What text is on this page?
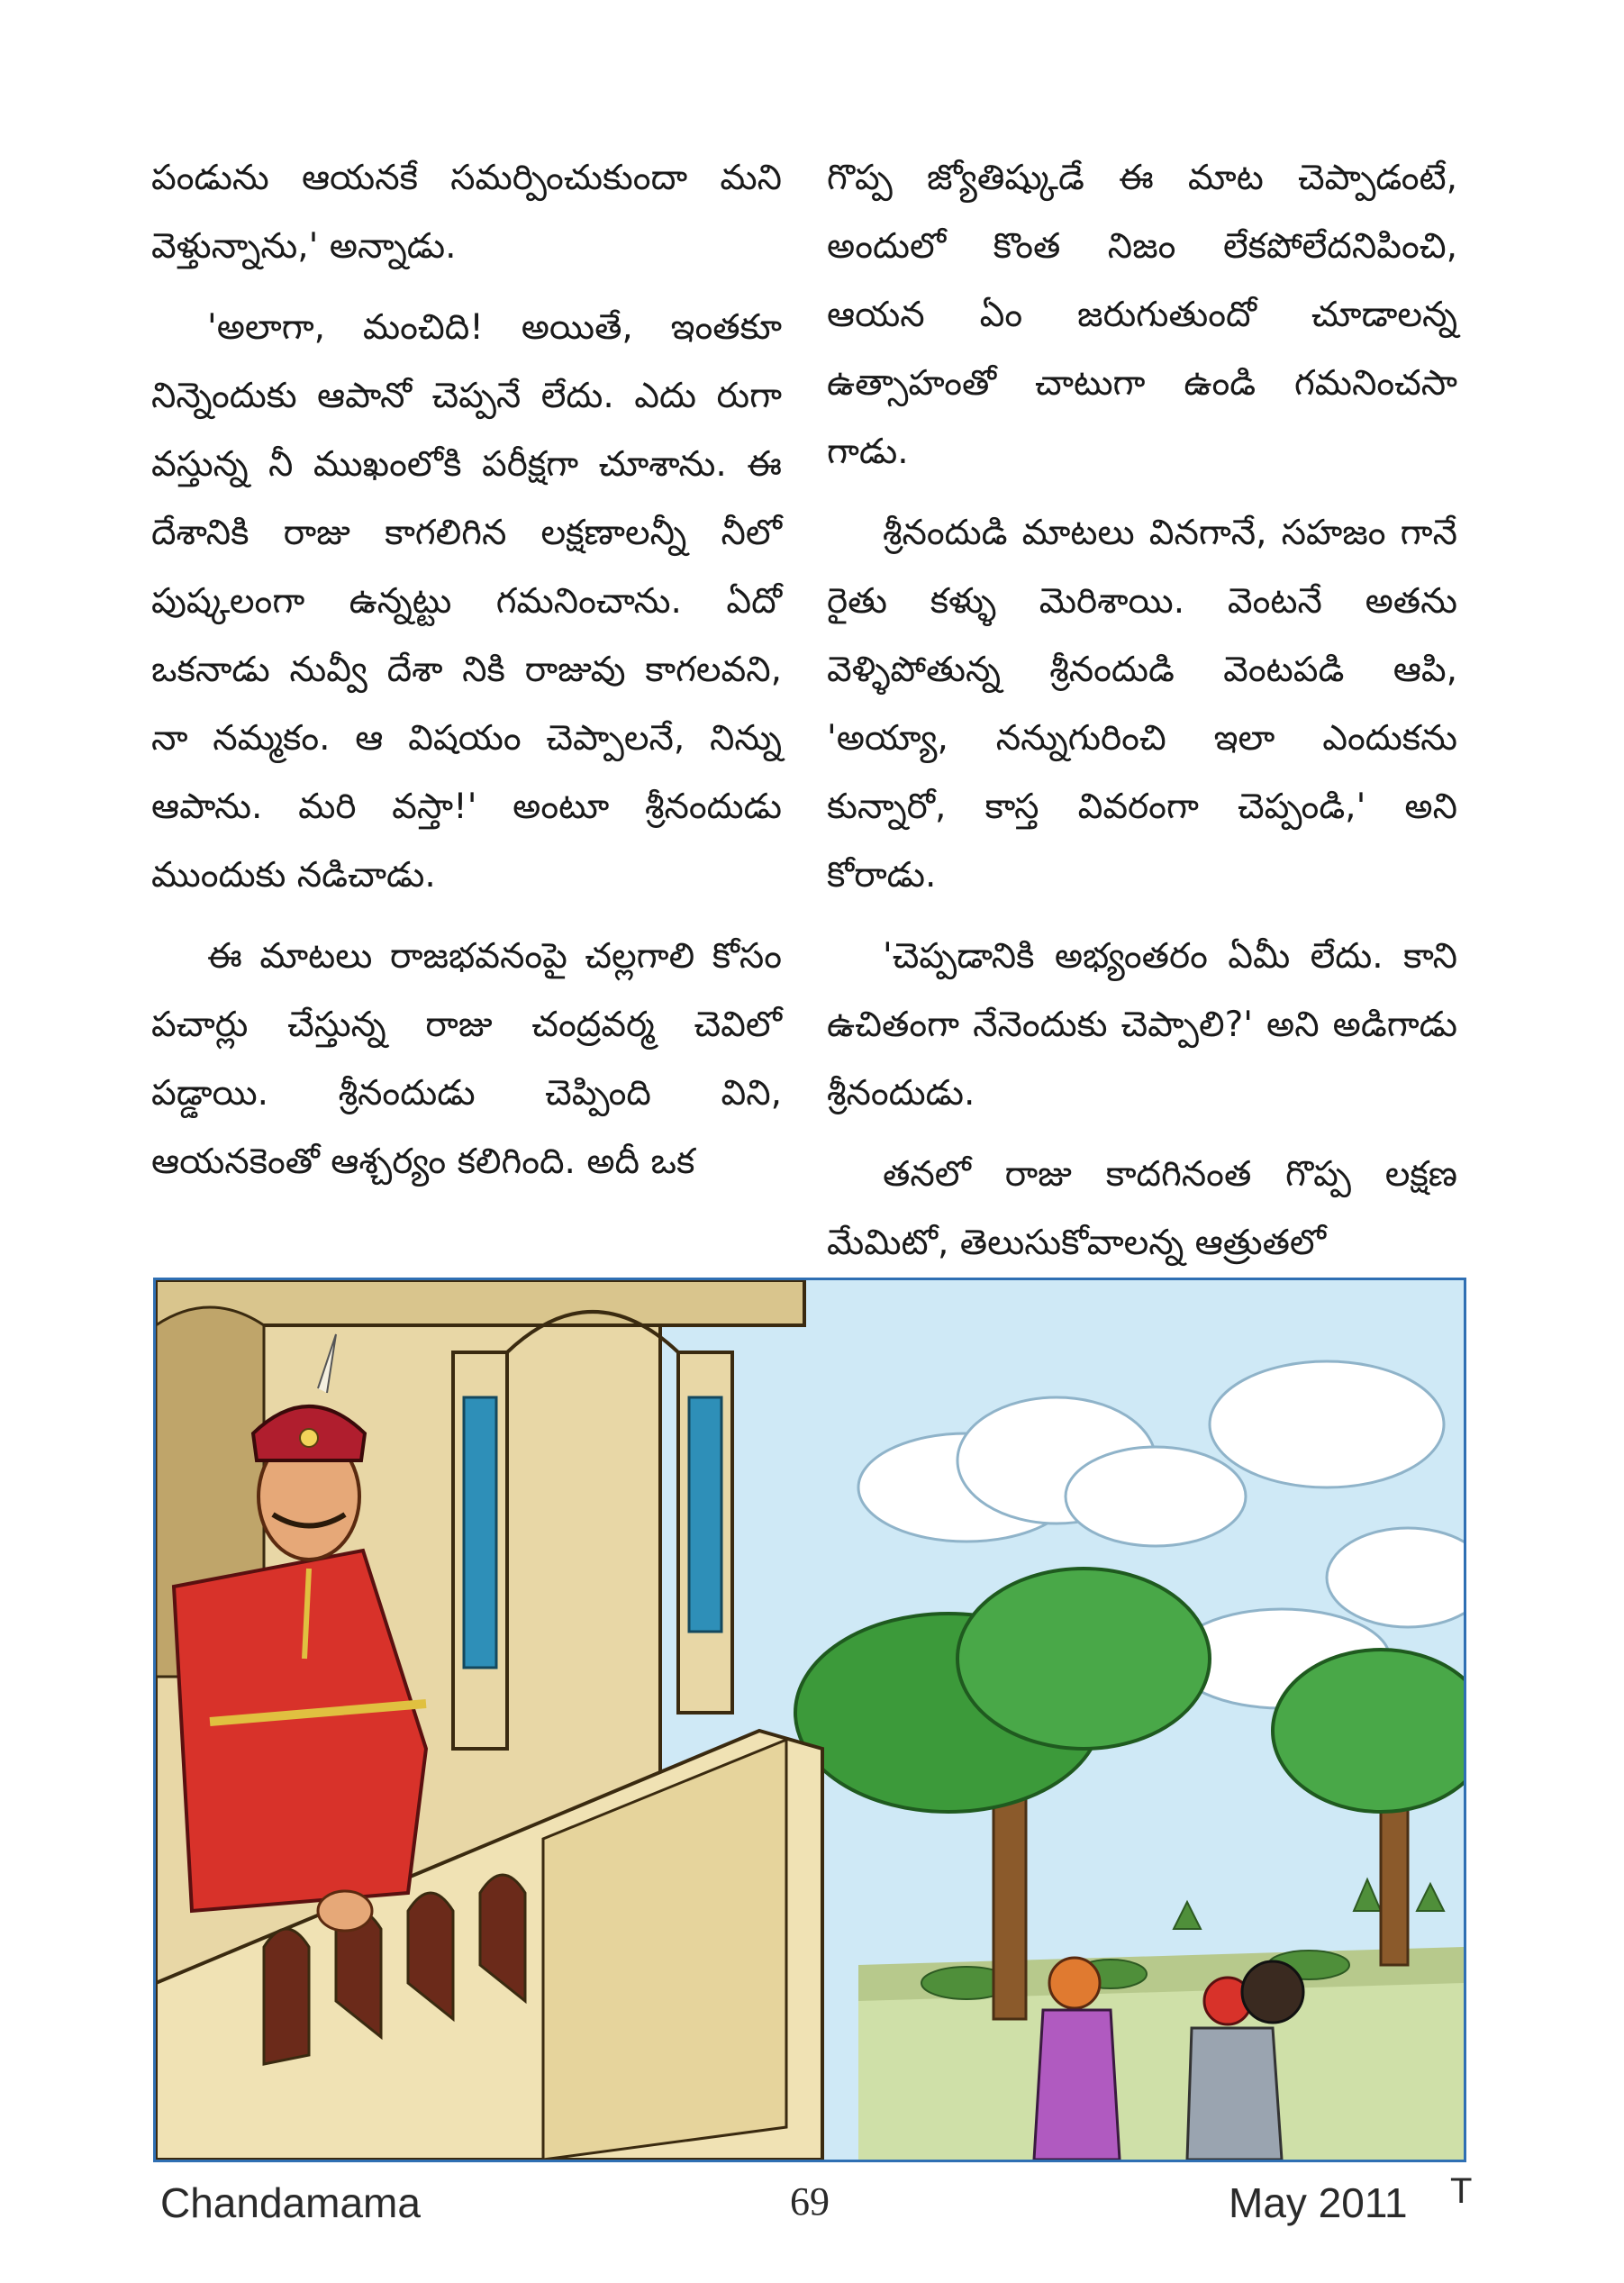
పండును ఆయనకే సమర్పించుకుందా మని వెళ్తున్నాను,' అన్నాడు.

'అలాగా, మంచిది! అయితే, ఇంతకూ నిన్నెందుకు ఆపానో చెప్పనే లేదు. ఎదు రుగా వస్తున్న నీ ముఖంలోకి పరీక్షగా చూశాను. ఈ దేశానికి రాజు కాగలిగిన లక్షణాలన్నీ నీలో పుష్కలంగా ఉన్నట్టు గమనించాను. ఏదో ఒకనాడు నువ్వీ దేశా నికి రాజువు కాగలవని, నా నమ్మకం. ఆ విషయం చెప్పాలనే, నిన్ను ఆపాను. మరి వస్తా!' అంటూ శ్రీనందుడు ముందుకు నడిచాడు.

ఈ మాటలు రాజభవనంపై చల్లగాలి కోసం పచార్లు చేస్తున్న రాజు చంద్రవర్మ చెవిలో పడ్డాయి. శ్రీనందుడు చెప్పింది విని, ఆయనకెంతో ఆశ్చర్యం కలిగింది. అదీ ఒక

గొప్ప జ్యోతిష్కుడే ఈ మాట చెప్పాడంటే, అందులో కొంత నిజం లేకపోలేదనిపించి, ఆయన ఏం జరుగుతుందో చూడాలన్న ఉత్సాహంతో చాటుగా ఉండి గమనించసా గాడు.

శ్రీనందుడి మాటలు వినగానే, సహజం గానే రైతు కళ్ళు మెరిశాయి. వెంటనే అతను వెళ్ళిపోతున్న శ్రీనందుడి వెంటపడి ఆపి, 'అయ్యా, నన్నుగురించి ఇలా ఎందుకను కున్నారో, కాస్త వివరంగా చెప్పండి,' అని కోరాడు.

'చెప్పడానికి అభ్యంతరం ఏమీ లేదు. కాని ఉచితంగా నేనెందుకు చెప్పాలి?' అని అడిగాడు శ్రీనందుడు.

తనలో రాజు కాదగినంత గొప్ప లక్షణ మేమిటో, తెలుసుకోవాలన్న ఆత్రుతలో

Chandamama	69	May 2011 T
